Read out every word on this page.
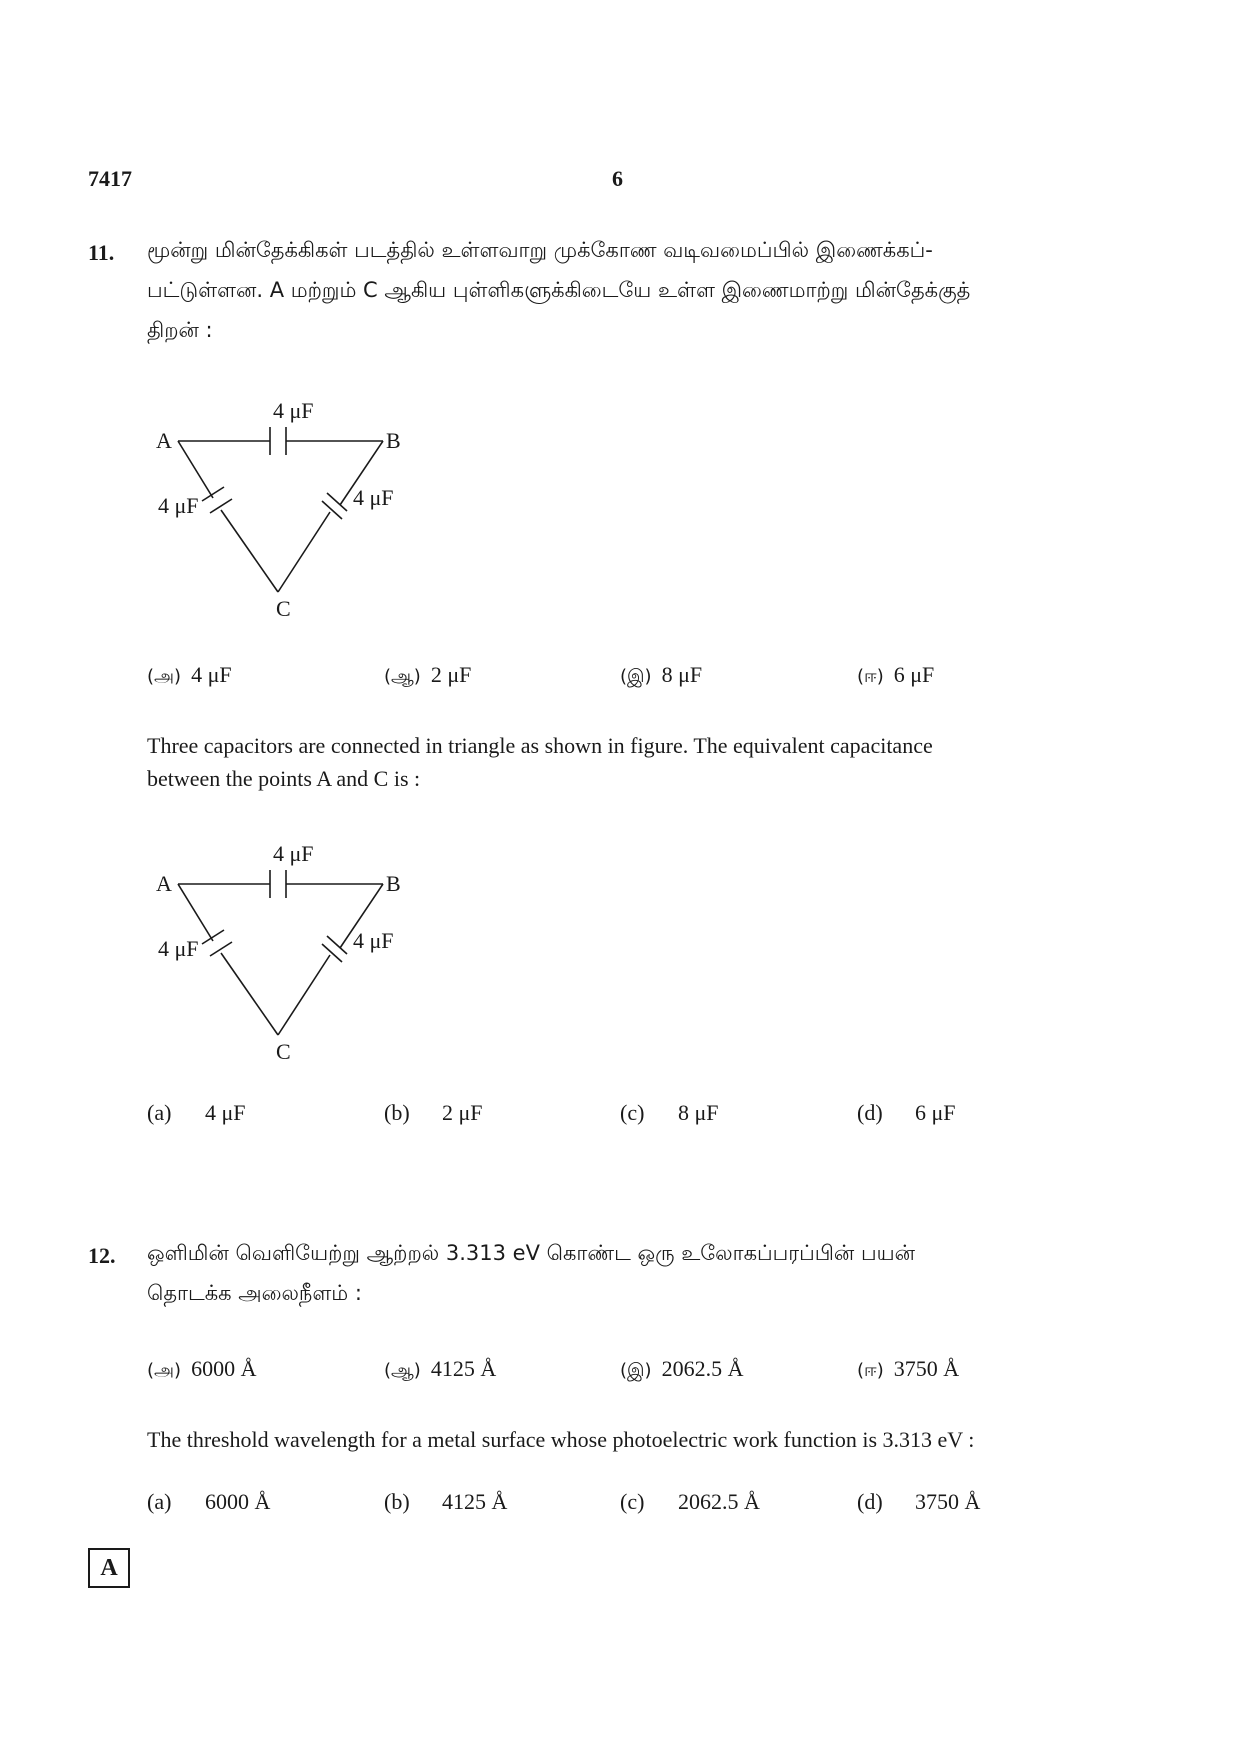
7417	6
11. மூன்று மின்தேக்கிகள் படத்தில் உள்ளவாறு முக்கோண வடிவமைப்பில் இணைக்கப்-
பட்டுள்ளன. A மற்றும் C ஆகிய புள்ளிகளுக்கிடையே உள்ள இணைமாற்று மின்தேக்குத்
திறன் :
4 μF
A	B
4 μF	4 μF
C
(அ) 4 μF	(ஆ) 2 μF	(இ) 8 μF	(ஈ) 6 μF
Three capacitors are connected in triangle as shown in figure. The equivalent capacitance
between the points A and C is :
4 μF
A	B
4 μF	4 μF
C
(a) 4 μF	(b) 2 μF	(c) 8 μF	(d) 6 μF
12. ஒளிமின் வெளியேற்று ஆற்றல் 3.313 eV கொண்ட ஒரு உலோகப்பரப்பின் பயன்
தொடக்க அலைநீளம் :
(அ) 6000 Å	(ஆ) 4125 Å	(இ) 2062.5 Å	(ஈ) 3750 Å
The threshold wavelength for a metal surface whose photoelectric work function is 3.313 eV :
(a) 6000 Å	(b) 4125 Å	(c) 2062.5 Å	(d) 3750 Å
A
